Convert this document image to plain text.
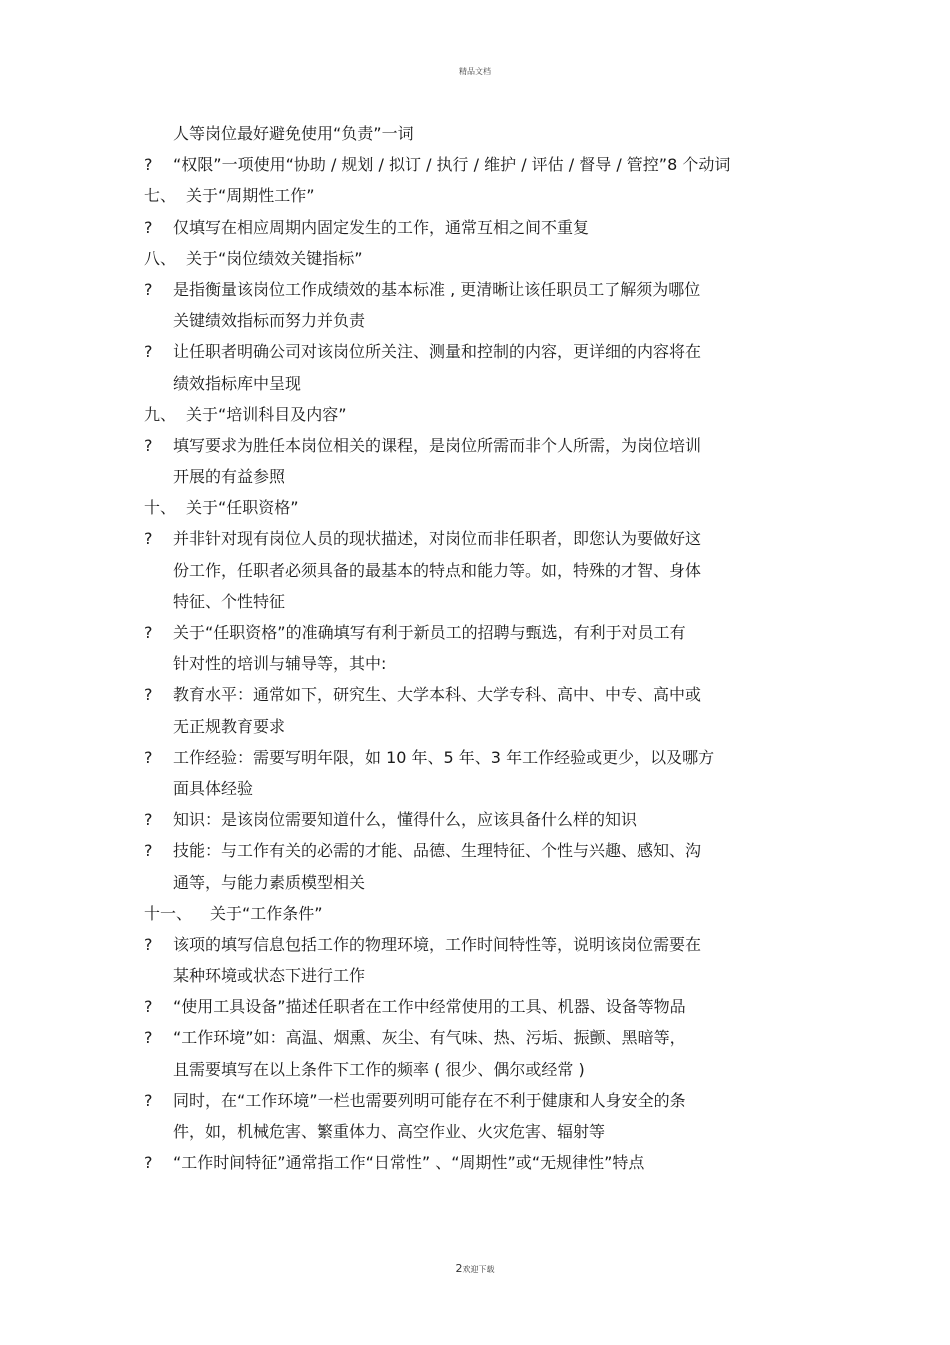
精品文档
人等岗位最好避免使用“负责”一词
?	“权限”一项使用“协助 / 规划 / 拟订 / 执行 / 维护 / 评估 / 督导 / 管控”8 个动词
七、 关于“周期性工作”
?	仅填写在相应周期内固定发生的工作，通常互相之间不重复
八、 关于“岗位绩效关键指标”
?	是指衡量该岗位工作成绩效的基本标准 , 更清晰让该任职员工了解须为哪位
关键绩效指标而努力并负责
?	让任职者明确公司对该岗位所关注、测量和控制的内容，更详细的内容将在
绩效指标库中呈现
九、 关于“培训科目及内容”
?	填写要求为胜任本岗位相关的课程，是岗位所需而非个人所需，为岗位培训
开展的有益参照
十、 关于“任职资格”
?	并非针对现有岗位人员的现状描述，对岗位而非任职者，即您认为要做好这
份工作，任职者必须具备的最基本的特点和能力等。如，特殊的才智、身体
特征、个性特征
?	关于“任职资格”的准确填写有利于新员工的招聘与甄选，有利于对员工有
针对性的培训与辅导等，其中:
?	教育水平：通常如下，研究生、大学本科、大学专科、高中、中专、高中或
无正规教育要求
?	工作经验：需要写明年限，如 10 年、5 年、3 年工作经验或更少，以及哪方
面具体经验
?	知识：是该岗位需要知道什么，懂得什么，应该具备什么样的知识
?	技能：与工作有关的必需的才能、品德、生理特征、个性与兴趣、感知、沟
通等，与能力素质模型相关
十一、 关于“工作条件”
?	该项的填写信息包括工作的物理环境，工作时间特性等，说明该岗位需要在
某种环境或状态下进行工作
?	“使用工具设备”描述任职者在工作中经常使用的工具、机器、设备等物品
?	“工作环境”如：高温、烟熏、灰尘、有气味、热、污垢、振颤、黑暗等，
且需要填写在以上条件下工作的频率 ( 很少、偶尔或经常 )
?	同时，在“工作环境”一栏也需要列明可能存在不利于健康和人身安全的条
件，如，机械危害、繁重体力、高空作业、火灾危害、辐射等
?	“工作时间特征”通常指工作“日常性” 、“周期性”或“无规律性”特点
2欢迎下载
